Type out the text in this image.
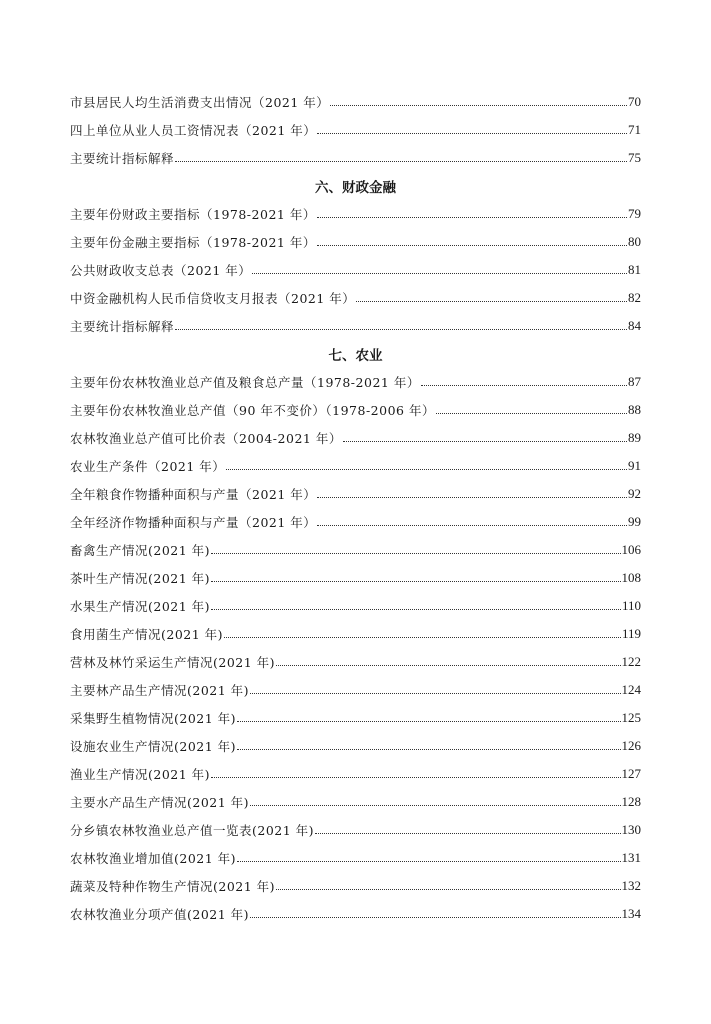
市县居民人均生活消费支出情况（2021 年）	70
四上单位从业人员工资情况表（2021 年）	71
主要统计指标解释	75
六、财政金融
主要年份财政主要指标（1978-2021 年）	79
主要年份金融主要指标（1978-2021 年）	80
公共财政收支总表（2021 年）	81
中资金融机构人民币信贷收支月报表（2021 年）	82
主要统计指标解释	84
七、农业
主要年份农林牧渔业总产值及粮食总产量（1978-2021 年）	87
主要年份农林牧渔业总产值（90 年不变价）（1978-2006 年）	88
农林牧渔业总产值可比价表（2004-2021 年）	89
农业生产条件（2021 年）	91
全年粮食作物播种面积与产量（2021 年）	92
全年经济作物播种面积与产量（2021 年）	99
畜禽生产情况(2021 年)	106
茶叶生产情况(2021 年)	108
水果生产情况(2021 年)	110
食用菌生产情况(2021 年)	119
营林及林竹采运生产情况(2021 年)	122
主要林产品生产情况(2021 年)	124
采集野生植物情况(2021 年)	125
设施农业生产情况(2021 年)	126
渔业生产情况(2021 年)	127
主要水产品生产情况(2021 年)	128
分乡镇农林牧渔业总产值一览表(2021 年)	130
农林牧渔业增加值(2021 年)	131
蔬菜及特种作物生产情况(2021 年)	132
农林牧渔业分项产值(2021 年)	134
